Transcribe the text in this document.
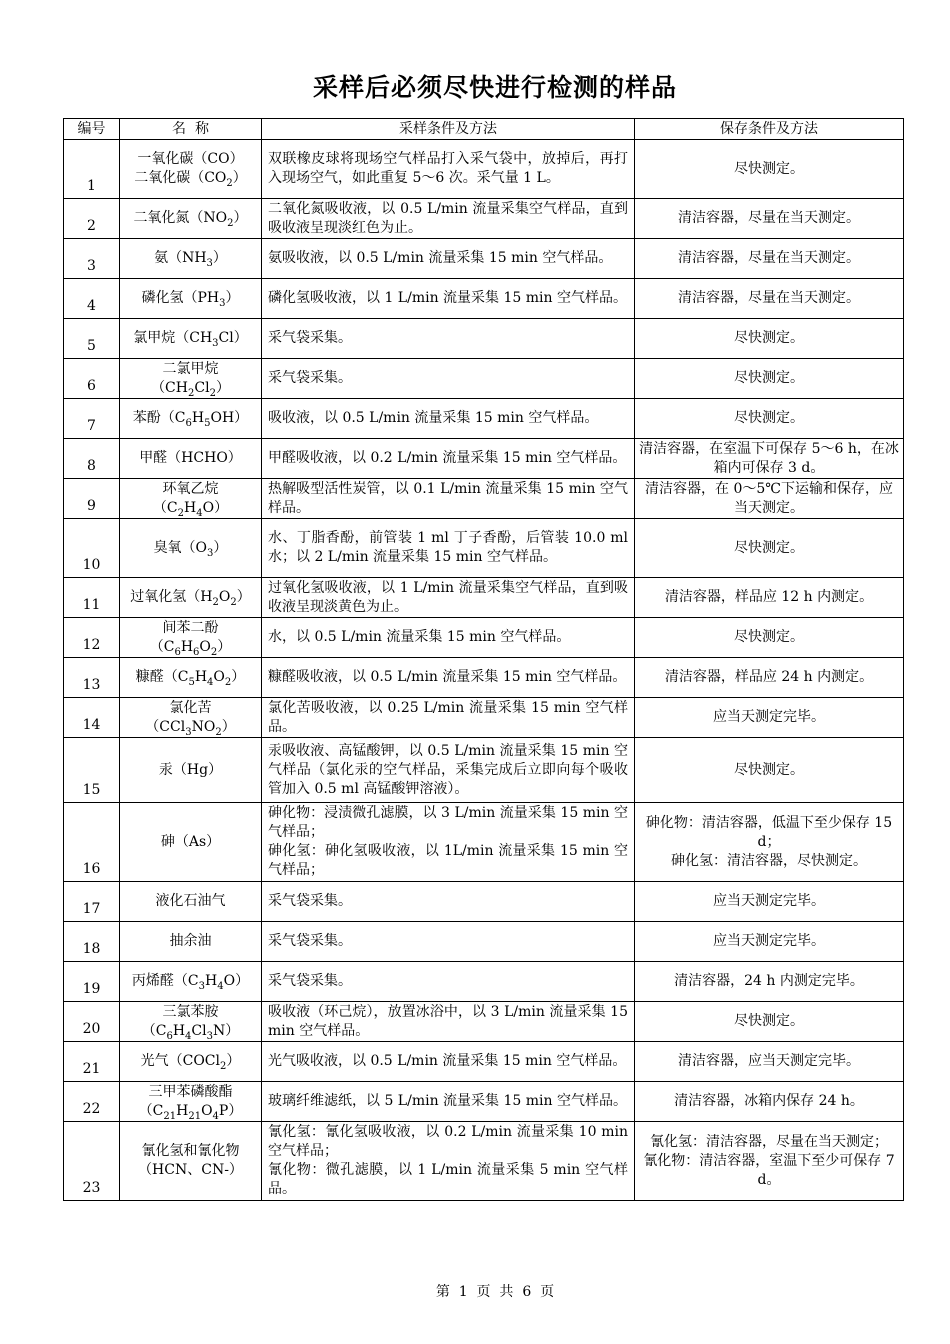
采样后必须尽快进行检测的样品
编号	名  称	采样条件及方法	保存条件及方法
1	一氧化碳（CO）
二氧化碳$(CO_2)$	双联橡皮球将现场空气样品打入采气袋中，放掉后，再打入现场空气，如此重复 5～6 次。采气量 1 L。	尽快测定。

2	二氧化氮$(NO_2)$	二氧化氮吸收液，以 0.5 L/min 流量采集空气样品，直到吸收液呈现淡红色为止。	清洁容器，尽量在当天测定。

3	氨$(NH_3)$	氨吸收液，以 0.5 L/min 流量采集 15 min 空气样品。	清洁容器，尽量在当天测定。

4	磷化氢$(PH_3)$	磷化氢吸收液，以 1 L/min 流量采集 15 min 空气样品。	清洁容器，尽量在当天测定。

5	氯甲烷$(CH_3Cl)$	采气袋采集。	尽快测定。

6	二氯甲烷
$(CH_2Cl_2)$	采气袋采集。	尽快测定。

7	苯酚$(C_6H_5OH)$	吸收液，以 0.5 L/min 流量采集 15 min 空气样品。	尽快测定。

8	甲醛（HCHO）	甲醛吸收液，以 0.2 L/min 流量采集 15 min 空气样品。	清洁容器，在室温下可保存 5～6 h，在冰箱内可保存 3 d。

9	环氧乙烷
$(C_2H_4O)$	热解吸型活性炭管，以 0.1 L/min 流量采集 15 min 空气样品。	清洁容器，在 0～5℃下运输和保存，应当天测定。

10	臭氧$(O_3)$	水、丁脂香酚，前管装 1 ml 丁子香酚，后管装 10.0 ml 水；以 2 L/min 流量采集 15 min 空气样品。	尽快测定。

11	过氧化氢$(H_2O_2)$	过氧化氢吸收液，以 1 L/min 流量采集空气样品，直到吸收液呈现淡黄色为止。	清洁容器，样品应 12 h 内测定。

12	间苯二酚
$(C_6H_6O_2)$	水，以 0.5 L/min 流量采集 15 min 空气样品。	尽快测定。

13	糠醛$(C_5H_4O_2)$	糠醛吸收液，以 0.5 L/min 流量采集 15 min 空气样品。	清洁容器，样品应 24 h 内测定。

14	氯化苦
$(CCl_3NO_2)$	氯化苦吸收液，以 0.25 L/min 流量采集 15 min 空气样品。	应当天测定完毕。

15	汞（Hg）	汞吸收液、高锰酸钾，以 0.5 L/min 流量采集 15 min 空气样品（氯化汞的空气样品，采集完成后立即向每个吸收管加入 0.5 ml 高锰酸钾溶液）。	尽快测定。

16	砷（As）	砷化物：浸渍微孔滤膜，以 3 L/min 流量采集 15 min 空气样品；
砷化氢：砷化氢吸收液，以 1L/min 流量采集 15 min 空气样品；	砷化物：清洁容器，低温下至少保存 15 d；
砷化氢：清洁容器，尽快测定。

17	液化石油气	采气袋采集。	应当天测定完毕。

18	抽余油	采气袋采集。	应当天测定完毕。

19	丙烯醛$(C_3H_4O)$	采气袋采集。	清洁容器，24 h 内测定完毕。

20	三氯苯胺
$(C_6H_4Cl_3N)$	吸收液（环己烷），放置冰浴中，以 3 L/min 流量采集 15 min 空气样品。	尽快测定。

21	光气（COCl$_2$）	光气吸收液，以 0.5 L/min 流量采集 15 min 空气样品。	清洁容器，应当天测定完毕。

22	三甲苯磷酸酯
$(C_{21}H_{21}O_4P)$	玻璃纤维滤纸，以 5 L/min 流量采集 15 min 空气样品。	清洁容器，冰箱内保存 24 h。

23	氰化氢和氰化物
（HCN、CN-）	氰化氢：氰化氢吸收液，以 0.2 L/min 流量采集 10 min 空气样品；
氰化物：微孔滤膜，以 1 L/min 流量采集 5 min 空气样品。	氰化氢：清洁容器，尽量在当天测定；
氰化物：清洁容器，室温下至少可保存 7 d。
第  1  页  共  6  页
